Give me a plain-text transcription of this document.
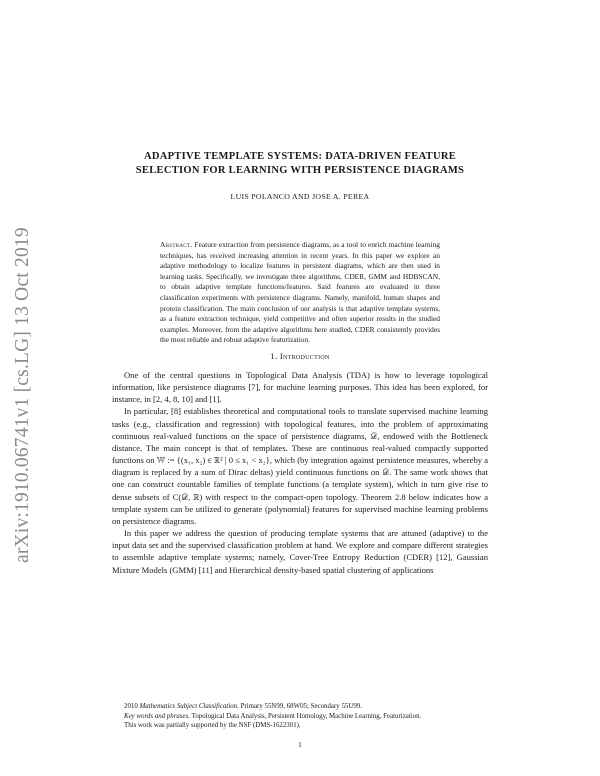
arXiv:1910.06741v1 [cs.LG] 13 Oct 2019
ADAPTIVE TEMPLATE SYSTEMS: DATA-DRIVEN FEATURE
SELECTION FOR LEARNING WITH PERSISTENCE DIAGRAMS
LUIS POLANCO AND JOSE A. PEREA
Abstract. Feature extraction from persistence diagrams, as a tool to enrich machine learning techniques, has received increasing attention in recent years. In this paper we explore an adaptive methodology to localize features in persistent diagrams, which are then used in learning tasks. Specifically, we investigate three algorithms, CDER, GMM and HDBSCAN, to obtain adaptive template functions/features. Said features are evaluated in three classification experiments with persistence diagrams. Namely, manifold, human shapes and protein classification. The main conclusion of our analysis is that adaptive template systems, as a feature extraction technique, yield competitive and often superior results in the studied examples. Moreover, from the adaptive algorithms here studied, CDER consistently provides the most reliable and robust adaptive featurization.
1. Introduction

One of the central questions in Topological Data Analysis (TDA) is how to leverage topological information, like persistence diagrams [7], for machine learning purposes. This idea has been explored, for instance, in [2, 4, 8, 10] and [1].

In particular, [8] establishes theoretical and computational tools to translate supervised machine learning tasks (e.g., classification and regression) with topological features, into the problem of approximating continuous real-valued functions on the space of persistence diagrams, 𝒟, endowed with the Bottleneck distance. The main concept is that of templates. These are continuous real-valued compactly supported functions on 𝕎 := {(x₁, x₂) ∈ ℝ² | 0 ≤ x₁ < x₂}, which (by integration against persistence measures, whereby a diagram is replaced by a sum of Dirac deltas) yield continuous functions on 𝒟. The same work shows that one can construct countable families of template functions (a template system), which in turn give rise to dense subsets of C(𝒟, ℝ) with respect to the compact-open topology. Theorem 2.8 below indicates how a template system can be utilized to generate (polynomial) features for supervised machine learning problems on persistence diagrams.

In this paper we address the question of producing template systems that are attuned (adaptive) to the input data set and the supervised classification problem at hand. We explore and compare different strategies to assemble adaptive template systems; namely, Cover-Tree Entropy Reduction (CDER) [12], Gaussian Mixture Models (GMM) [11] and Hierarchical density-based spatial clustering of applications

2010 Mathematics Subject Classification. Primary 55N99, 68W05; Secondary 55U99.

Key words and phrases. Topological Data Analysis, Persistent Homology, Machine Learning, Featurization.

This work was partially supported by the NSF (DMS-1622301).

1
